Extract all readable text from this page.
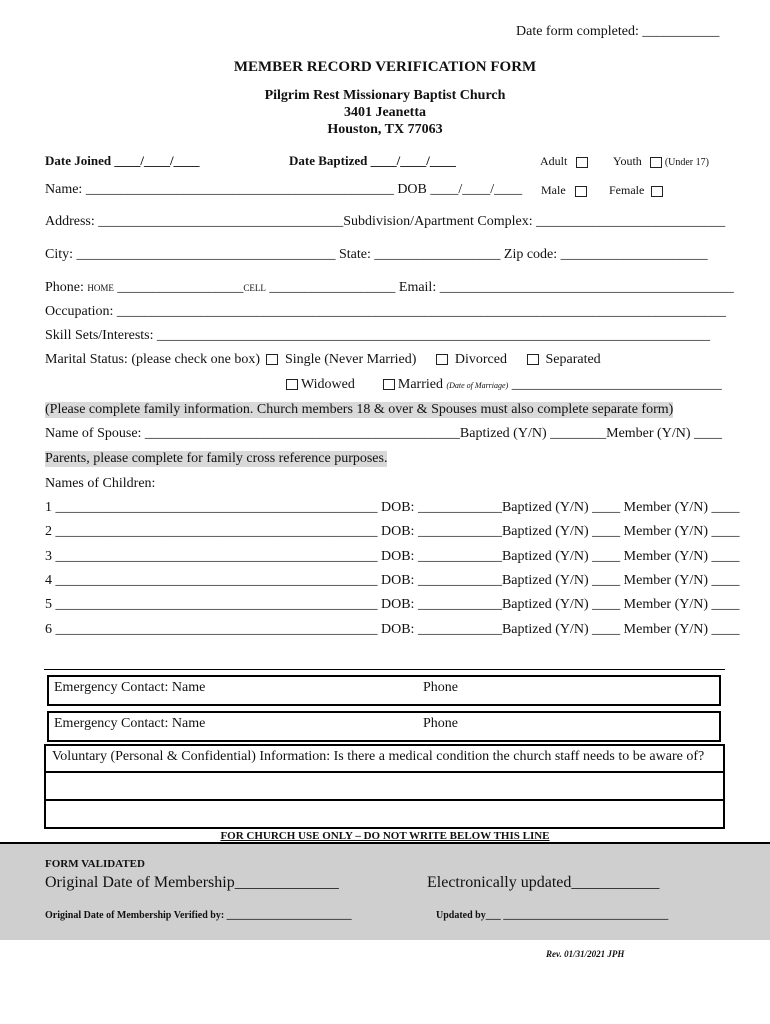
Date form completed: ___________
MEMBER RECORD VERIFICATION FORM
Pilgrim Rest Missionary Baptist Church
3401 Jeanetta
Houston, TX 77063
Date Joined ____/____/____	Date Baptized ____/____/____	Adult	Youth (Under 17)
Name: ____________________________________________ DOB ____/____/____ Male	Female
Address: ___________________________________Subdivision/Apartment Complex: ___________________________
City: _____________________________________ State: __________________ Zip code: _____________________
Phone: HOME __________________CELL __________________ Email: __________________________________________
Occupation: _______________________________________________________________________________________
Skill Sets/Interests: _______________________________________________________________________________
Marital Status: (please check one box) Single (Never Married)	Divorced	Separated
Widowed	Married (Date of Marriage) ______________________________
(Please complete family information. Church members 18 & over & Spouses must also complete separate form)
Name of Spouse: _____________________________________________Baptized (Y/N) ________Member (Y/N) ____
Parents, please complete for family cross reference purposes.
Names of Children:
1 ______________________________________________ DOB: ____________Baptized (Y/N) ____ Member (Y/N) ____
2 ______________________________________________ DOB: ____________Baptized (Y/N) ____ Member (Y/N) ____
3 ______________________________________________ DOB: ____________Baptized (Y/N) ____ Member (Y/N) ____
4 ______________________________________________ DOB: ____________Baptized (Y/N) ____ Member (Y/N) ____
5 ______________________________________________ DOB: ____________Baptized (Y/N) ____ Member (Y/N) ____
6 ______________________________________________ DOB: ____________Baptized (Y/N) ____ Member (Y/N) ____
Emergency Contact: Name	Phone
Emergency Contact: Name	Phone
Voluntary (Personal & Confidential) Information: Is there a medical condition the church staff needs to be aware of?
FOR CHURCH USE ONLY – DO NOT WRITE BELOW THIS LINE
FORM VALIDATED
Original Date of Membership_____________	Electronically updated___________
Original Date of Membership Verified by: _________________________	Updated by___ _________________________________
Rev. 01/31/2021 JPH
